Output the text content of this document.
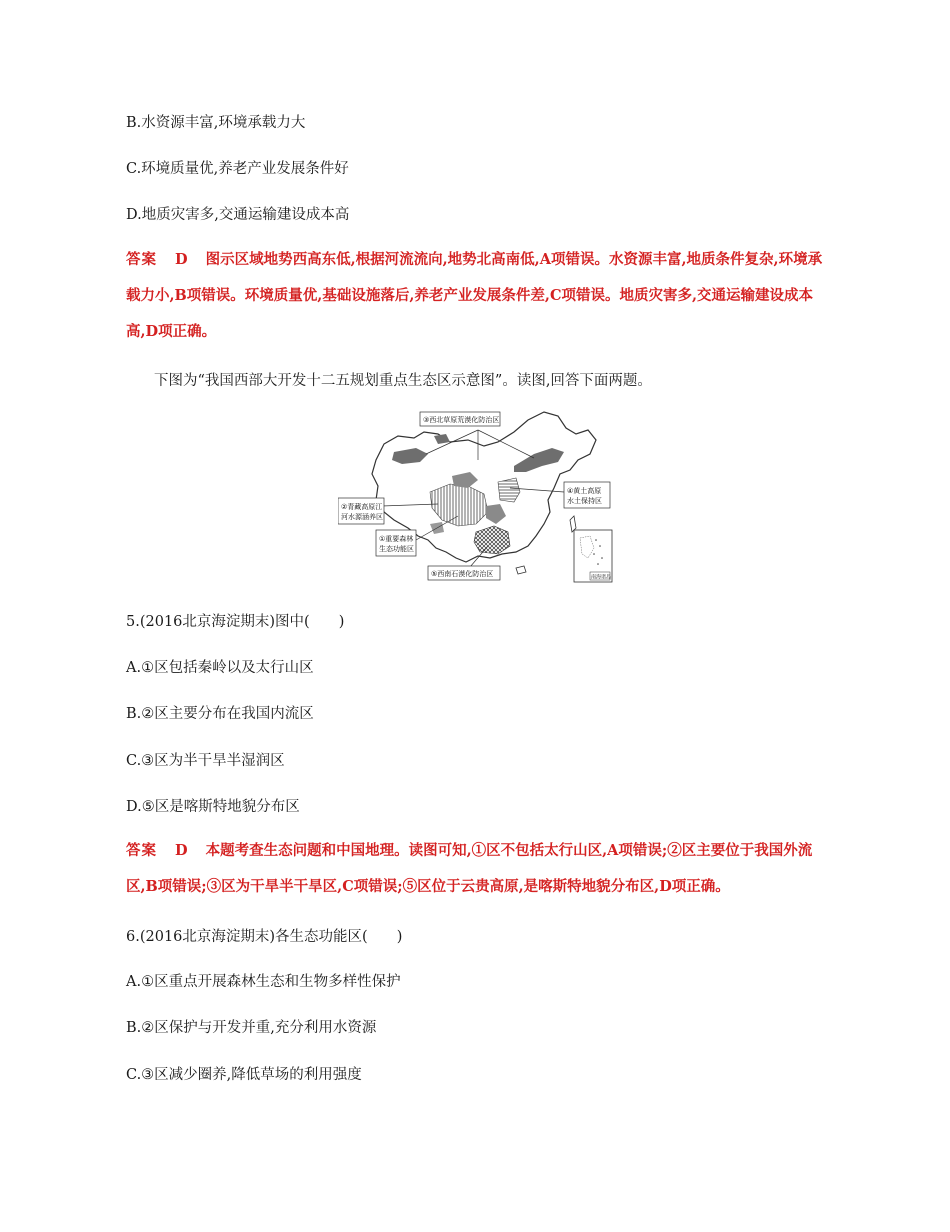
B.水资源丰富,环境承载力大
C.环境质量优,养老产业发展条件好
D.地质灾害多,交通运输建设成本高
答案 D 图示区域地势西高东低,根据河流流向,地势北高南低,A项错误。水资源丰富,地质条件复杂,环境承载力小,B项错误。环境质量优,基础设施落后,养老产业发展条件差,C项错误。地质灾害多,交通运输建设成本高,D项正确。
下图为“我国西部大开发十二五规划重点生态区示意图”。读图,回答下面两题。
③西北草原荒漠化防治区
②青藏高原江
河水源涵养区
④黄土高原
水土保持区
①重要森林
生态功能区
⑤西南石漠化防治区	南海诸岛
5.(2016北京海淀期末)图中(　　)
A.①区包括秦岭以及太行山区
B.②区主要分布在我国内流区
C.③区为半干旱半湿润区
D.⑤区是喀斯特地貌分布区
答案 D 本题考查生态问题和中国地理。读图可知,①区不包括太行山区,A项错误;②区主要位于我国外流区,B项错误;③区为干旱半干旱区,C项错误;⑤区位于云贵高原,是喀斯特地貌分布区,D项正确。
6.(2016北京海淀期末)各生态功能区(　　)
A.①区重点开展森林生态和生物多样性保护
B.②区保护与开发并重,充分利用水资源
C.③区减少圈养,降低草场的利用强度
